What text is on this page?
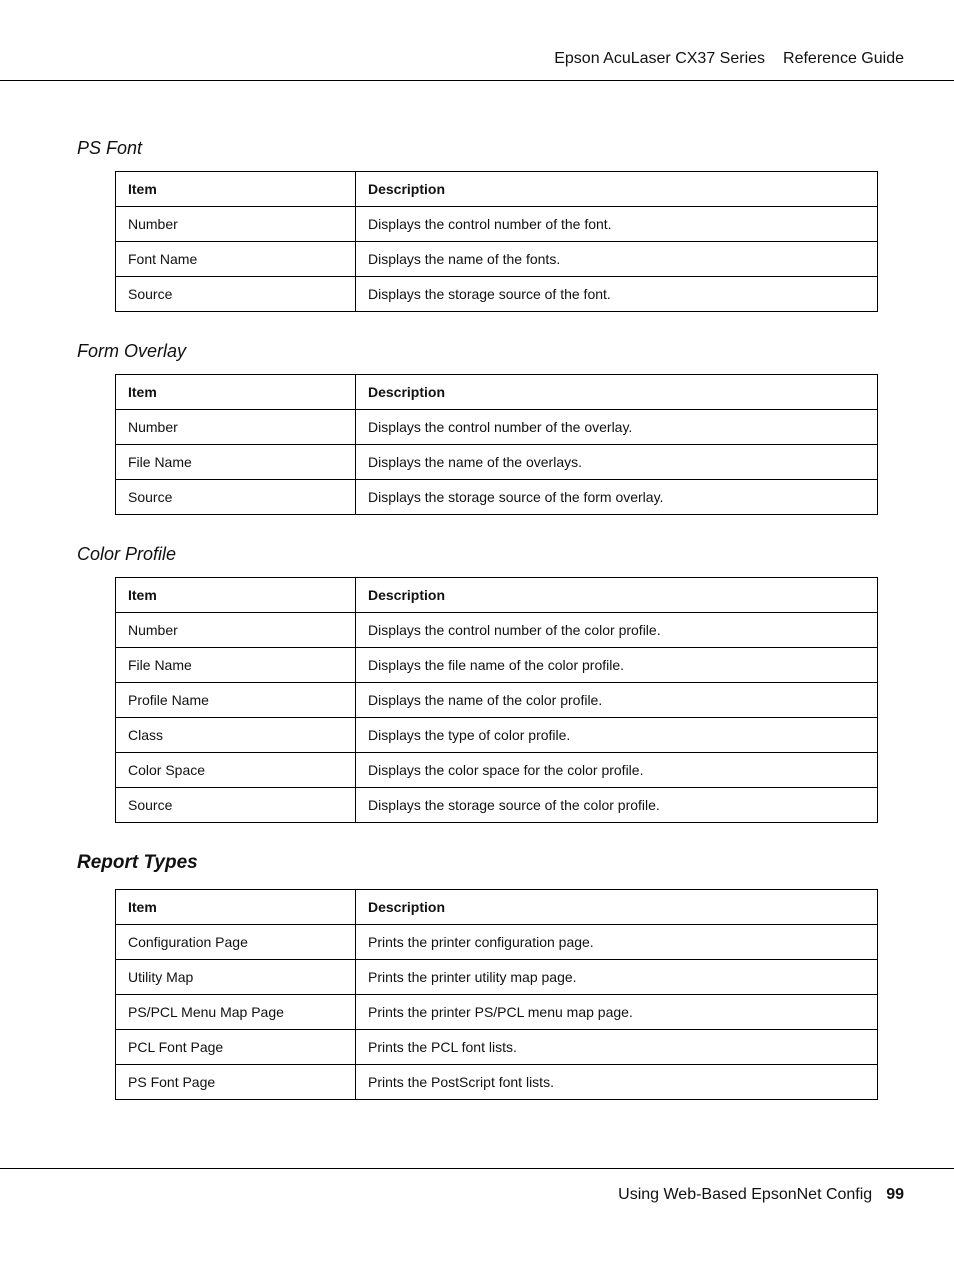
Epson AcuLaser CX37 Series Reference Guide
PS Font
Item	Description
Number	Displays the control number of the font.
Font Name	Displays the name of the fonts.
Source	Displays the storage source of the font.
Form Overlay
Item	Description
Number	Displays the control number of the overlay.
File Name	Displays the name of the overlays.
Source	Displays the storage source of the form overlay.
Color Profile
Item	Description
Number	Displays the control number of the color profile.
File Name	Displays the file name of the color profile.
Profile Name	Displays the name of the color profile.
Class	Displays the type of color profile.
Color Space	Displays the color space for the color profile.
Source	Displays the storage source of the color profile.
Report Types
Item	Description
Configuration Page	Prints the printer configuration page.
Utility Map	Prints the printer utility map page.
PS/PCL Menu Map Page	Prints the printer PS/PCL menu map page.
PCL Font Page	Prints the PCL font lists.
PS Font Page	Prints the PostScript font lists.
Using Web-Based EpsonNet Config 99
